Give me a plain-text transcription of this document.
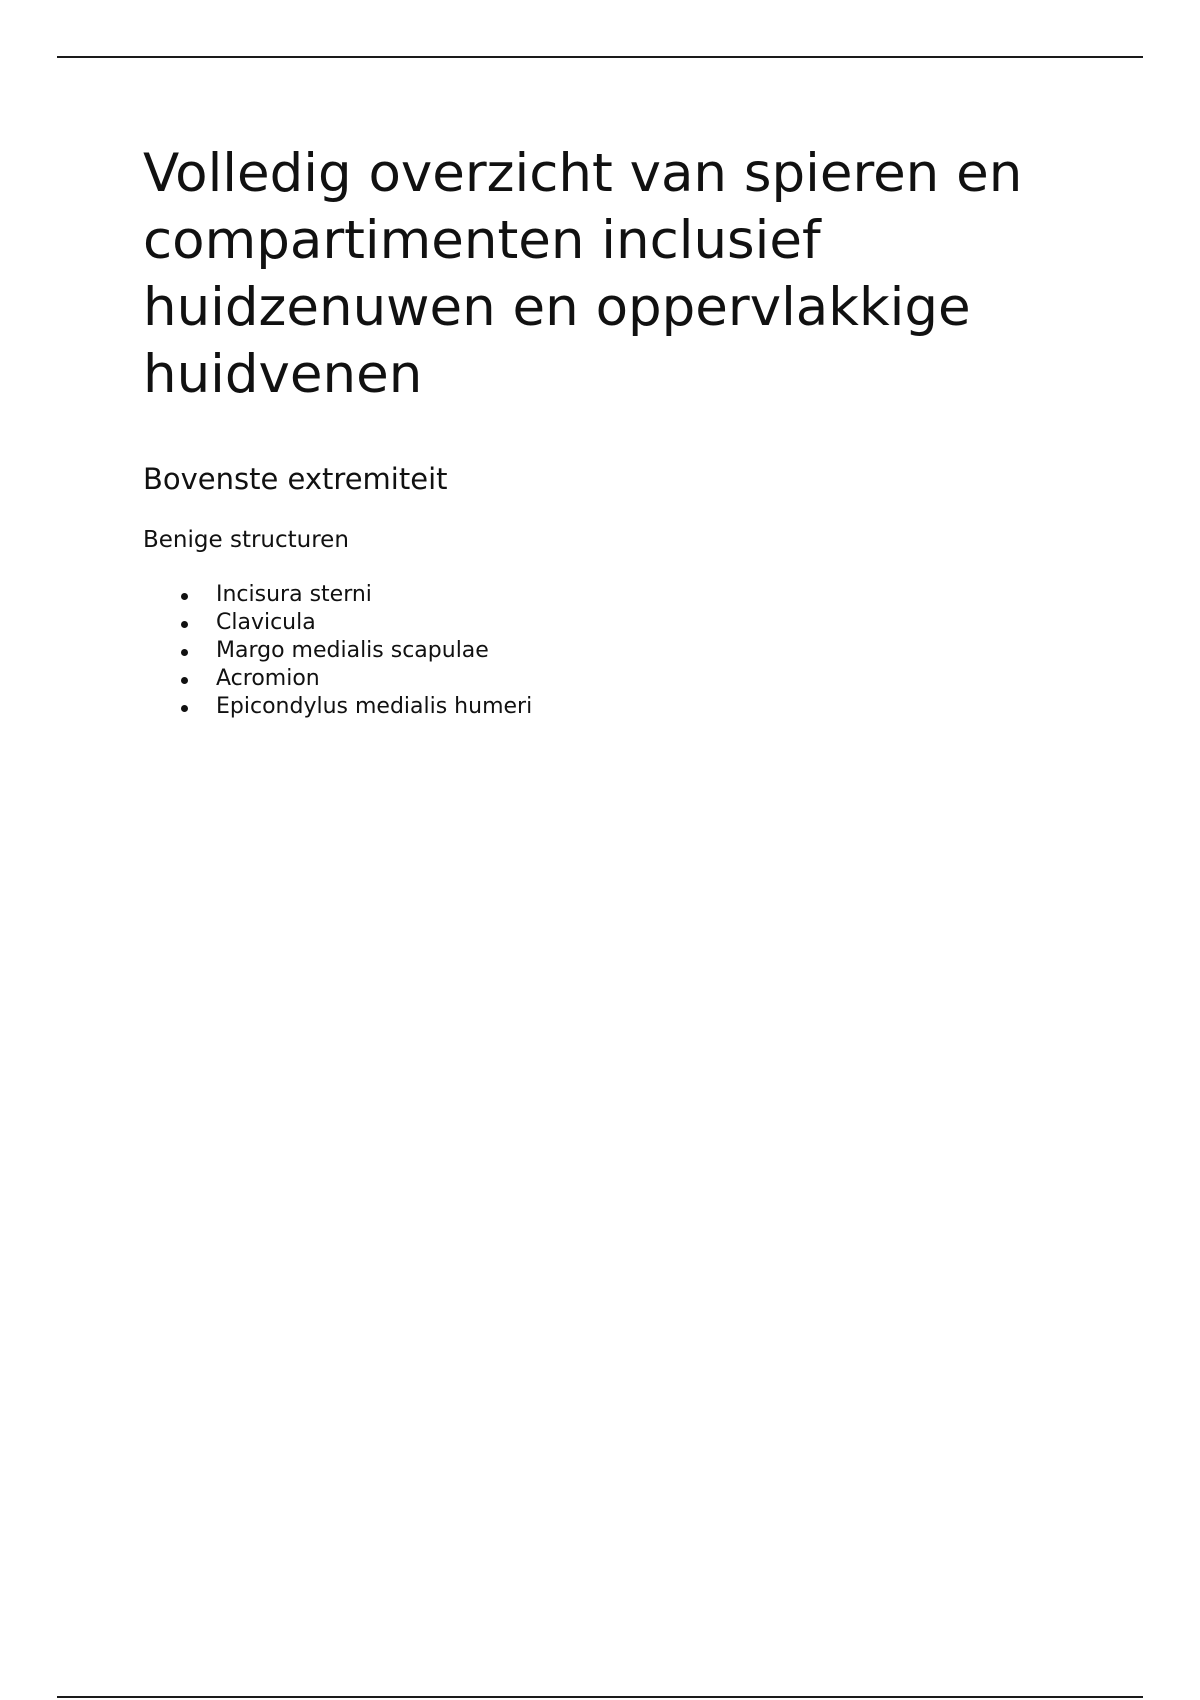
Volledig overzicht van spieren en compartimenten inclusief huidzenuwen en oppervlakkige huidvenen
Bovenste extremiteit
Benige structuren
Incisura sterni
Clavicula
Margo medialis scapulae
Acromion
Epicondylus medialis humeri
